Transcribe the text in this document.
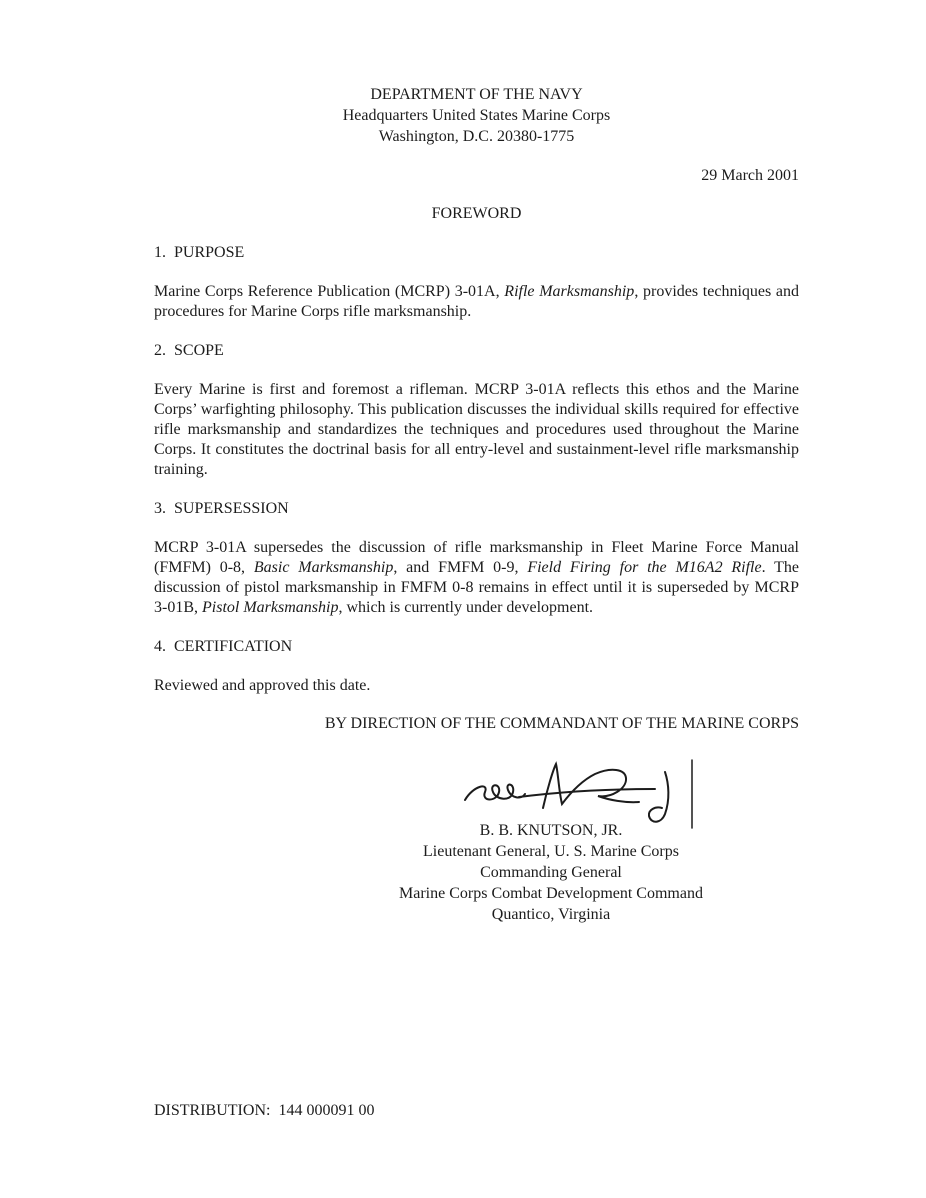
DEPARTMENT OF THE NAVY
Headquarters United States Marine Corps
Washington, D.C. 20380-1775
29 March 2001
FOREWORD
1.  PURPOSE
Marine Corps Reference Publication (MCRP) 3-01A, Rifle Marksmanship, provides techniques and procedures for Marine Corps rifle marksmanship.
2.  SCOPE
Every Marine is first and foremost a rifleman. MCRP 3-01A reflects this ethos and the Marine Corps’ warfighting philosophy. This publication discusses the individual skills required for effective rifle marksmanship and standardizes the techniques and procedures used throughout the Marine Corps. It constitutes the doctrinal basis for all entry-level and sustainment-level rifle marksmanship training.
3.  SUPERSESSION
MCRP 3-01A supersedes the discussion of rifle marksmanship in Fleet Marine Force Manual (FMFM) 0-8, Basic Marksmanship, and FMFM 0-9, Field Firing for the M16A2 Rifle. The discussion of pistol marksmanship in FMFM 0-8 remains in effect until it is superseded by MCRP 3-01B, Pistol Marksmanship, which is currently under development.
4.  CERTIFICATION
Reviewed and approved this date.
BY DIRECTION OF THE COMMANDANT OF THE MARINE CORPS
B. B. KNUTSON, JR.
Lieutenant General, U. S. Marine Corps
Commanding General
Marine Corps Combat Development Command
Quantico, Virginia
DISTRIBUTION:  144 000091 00
